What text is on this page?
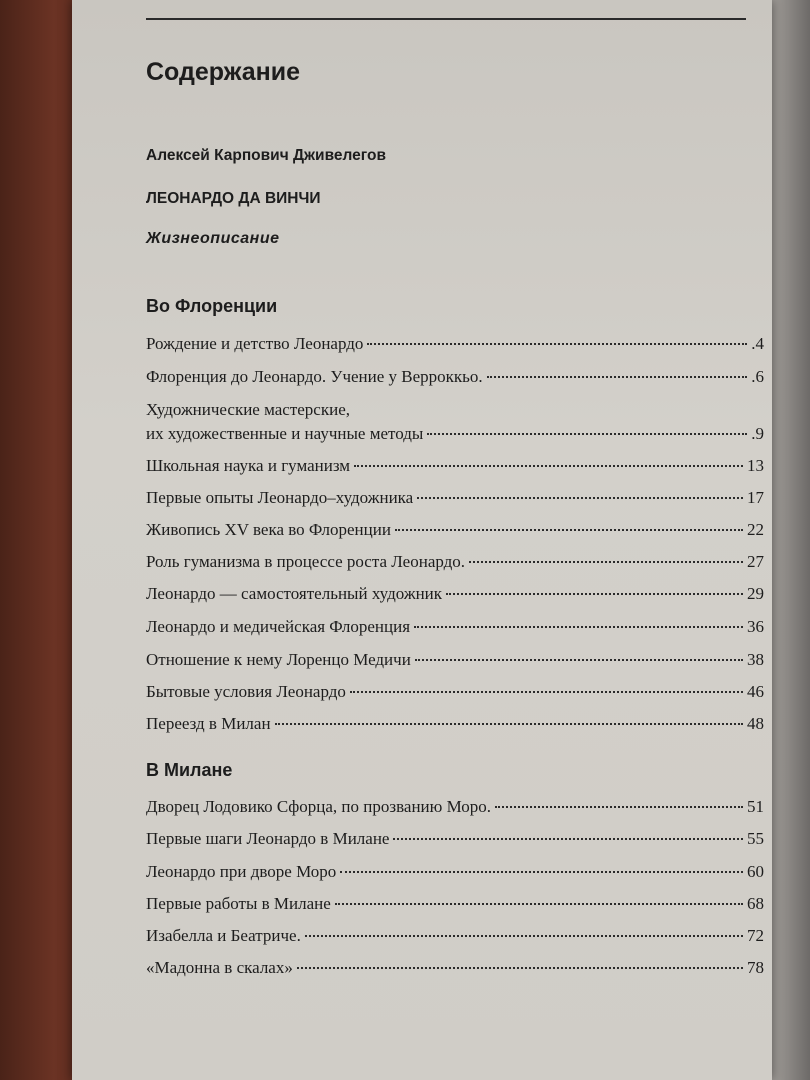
Содержание
Алексей Карпович Дживелегов
ЛЕОНАРДО ДА ВИНЧИ
Жизнеописание
Во Флоренции
Рождение и детство Леонардо	.4
Флоренция до Леонардо. Учение у Верроккьо.	.6
Художнические мастерские,
их художественные и научные методы	.9
Школьная наука и гуманизм	13
Первые опыты Леонардо–художника	17
Живопись XV века во Флоренции	22
Роль гуманизма в процессе роста Леонардо.	27
Леонардо — самостоятельный художник	29
Леонардо и медичейская Флоренция	36
Отношение к нему Лоренцо Медичи	38
Бытовые условия Леонардо	46
Переезд в Милан	48
В Милане
Дворец Лодовико Сфорца, по прозванию Моро.	51
Первые шаги Леонардо в Милане	55
Леонардо при дворе Моро	60
Первые работы в Милане	68
Изабелла и Беатриче.	72
«Мадонна в скалах»	78
